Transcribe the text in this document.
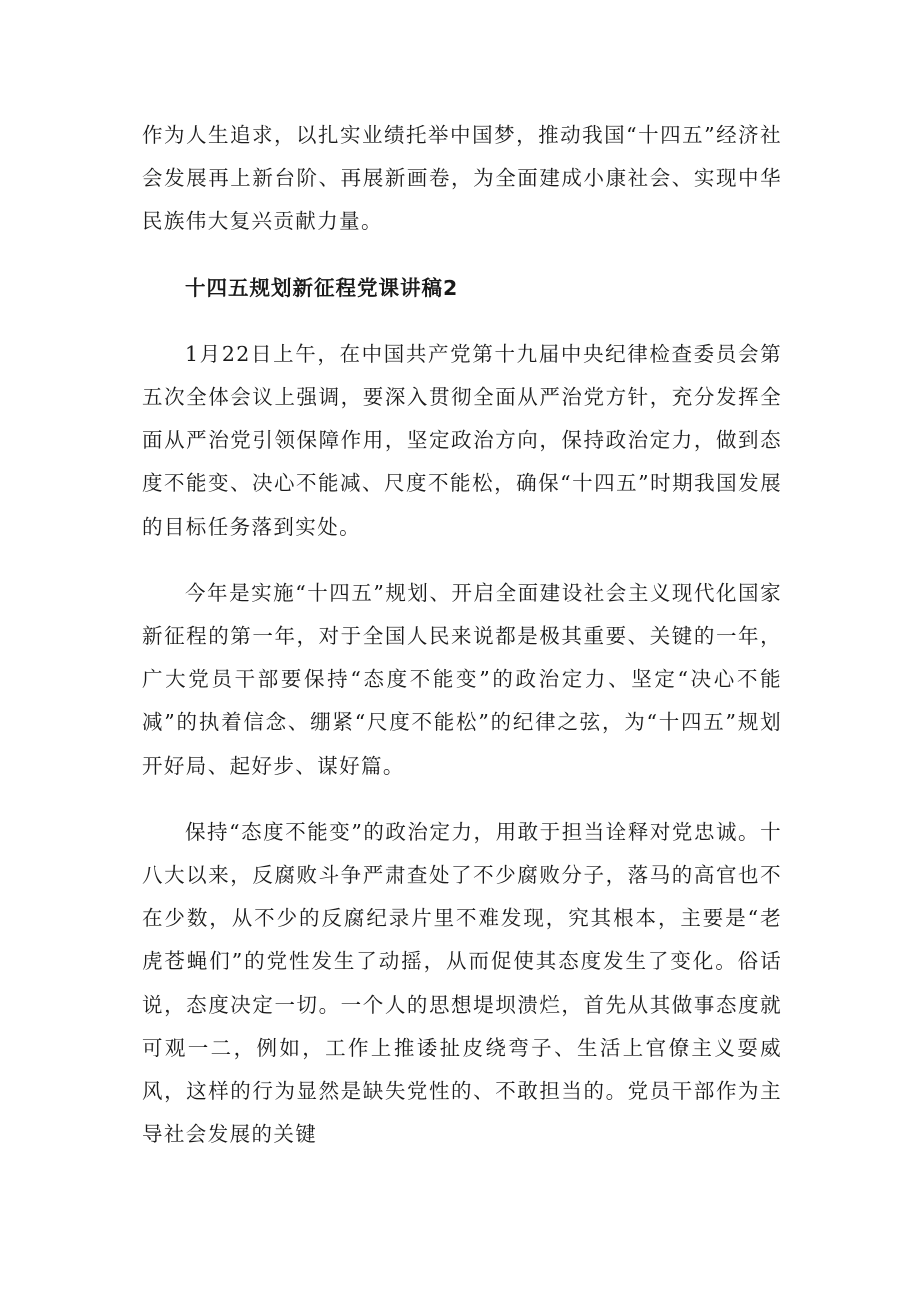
作为人生追求，以扎实业绩托举中国梦，推动我国“十四五”经济社会发展再上新台阶、再展新画卷，为全面建成小康社会、实现中华民族伟大复兴贡献力量。

十四五规划新征程党课讲稿2

1月22日上午，在中国共产党第十九届中央纪律检查委员会第五次全体会议上强调，要深入贯彻全面从严治党方针，充分发挥全面从严治党引领保障作用，坚定政治方向，保持政治定力，做到态度不能变、决心不能减、尺度不能松，确保“十四五”时期我国发展的目标任务落到实处。

今年是实施“十四五”规划、开启全面建设社会主义现代化国家新征程的第一年，对于全国人民来说都是极其重要、关键的一年，广大党员干部要保持“态度不能变”的政治定力、坚定“决心不能减”的执着信念、绷紧“尺度不能松”的纪律之弦，为“十四五”规划开好局、起好步、谋好篇。

保持“态度不能变”的政治定力，用敢于担当诠释对党忠诚。十八大以来，反腐败斗争严肃查处了不少腐败分子，落马的高官也不在少数，从不少的反腐纪录片里不难发现，究其根本，主要是“老虎苍蝇们”的党性发生了动摇，从而促使其态度发生了变化。俗话说，态度决定一切。一个人的思想堤坝溃烂，首先从其做事态度就可观一二，例如，工作上推诿扯皮绕弯子、生活上官僚主义耍威风，这样的行为显然是缺失党性的、不敢担当的。党员干部作为主导社会发展的关键
